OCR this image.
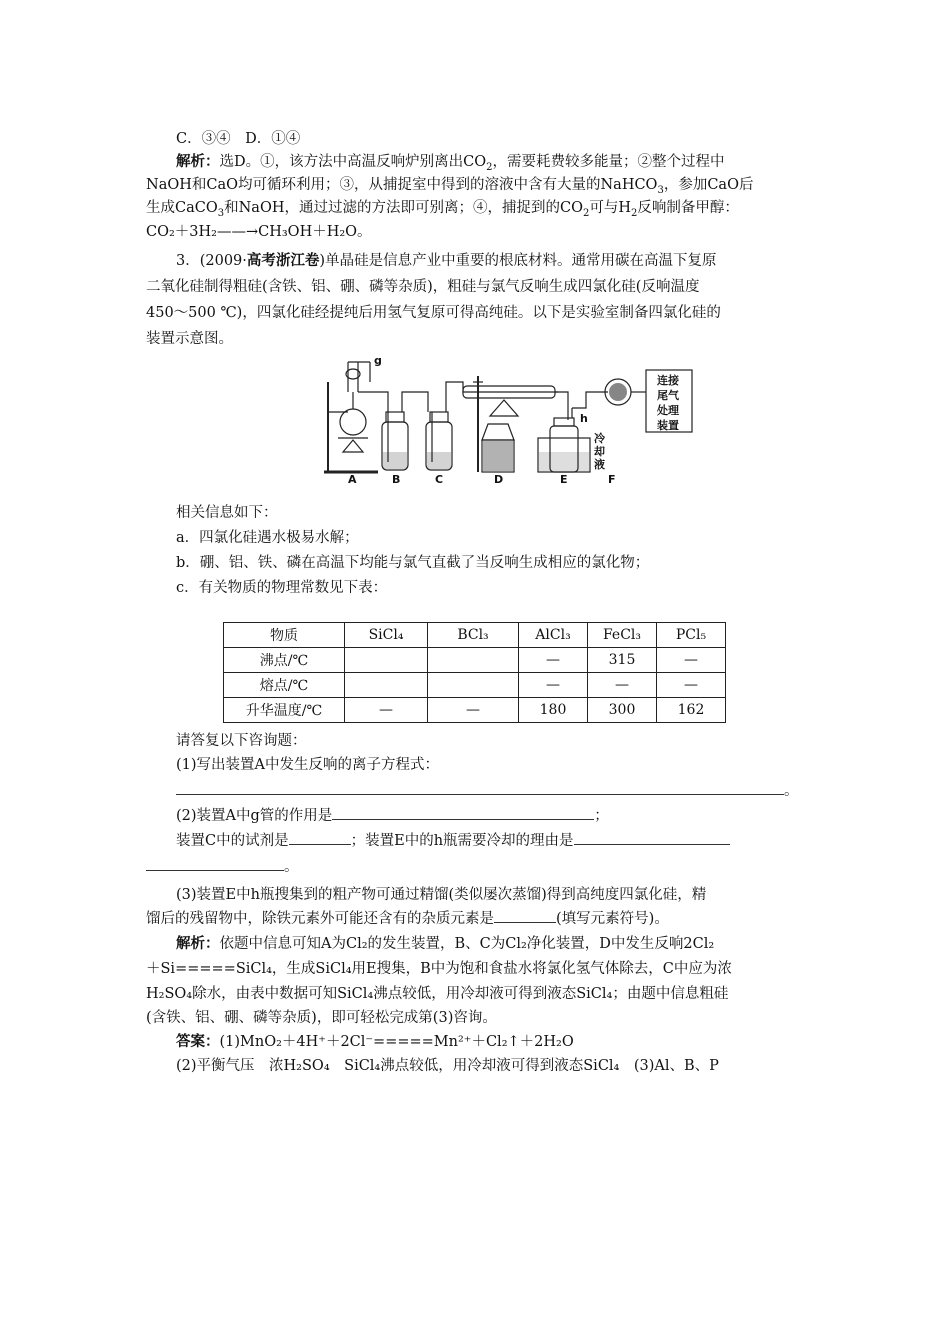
C．③④　D．①④
解析：选D。①，该方法中高温反响炉别离出$CO_2$，需要耗费较多能量；②整个过程中
NaOH和CaO均可循环利用；③，从捕捉室中得到的溶液中含有大量的NaHCO$_3$，参加CaO后
生成CaCO$_3$和NaOH，通过过滤的方法即可别离；④，捕捉到的$CO_2$可与$H_2$反响制备甲醇：
CO₂＋3H₂——→CH₃OH＋H₂O。
3．(2009·高考浙江卷)单晶硅是信息产业中重要的根底材料。通常用碳在高温下复原
二氧化硅制得粗硅(含铁、铝、硼、磷等杂质)，粗硅与氯气反响生成四氯化硅(反响温度
450～500 ℃)，四氯化硅经提纯后用氢气复原可得高纯硅。以下是实验室制备四氯化硅的
装置示意图。
A	B	C	D	E	F
g
h
冷
却
液
连接
尾气
处理
装置
相关信息如下：
a．四氯化硅遇水极易水解；
b．硼、铝、铁、磷在高温下均能与氯气直截了当反响生成相应的氯化物；
c．有关物质的物理常数见下表：
物质	SiCl₄	BCl₃	AlCl₃	FeCl₃	PCl₅
沸点/℃			—	315	—
熔点/℃			—	—	—
升华温度/℃	—	—	180	300	162
请答复以下咨询题：
(1)写出装置A中发生反响的离子方程式：
。
(2)装置A中g管的作用是	；
装置C中的试剂是	；装置E中的h瓶需要冷却的理由是
。
(3)装置E中h瓶搜集到的粗产物可通过精馏(类似屡次蒸馏)得到高纯度四氯化硅，精
馏后的残留物中，除铁元素外可能还含有的杂质元素是	(填写元素符号)。
解析：依题中信息可知A为Cl₂的发生装置，B、C为Cl₂净化装置，D中发生反响2Cl₂
＋Si=====SiCl₄，生成SiCl₄用E搜集，B中为饱和食盐水将氯化氢气体除去，C中应为浓
H₂SO₄除水，由表中数据可知SiCl₄沸点较低，用冷却液可得到液态SiCl₄；由题中信息粗硅
(含铁、铝、硼、磷等杂质)，即可轻松完成第(3)咨询。
答案：(1)MnO₂＋4H⁺＋2Cl⁻=====Mn²⁺＋Cl₂↑＋2H₂O
(2)平衡气压　浓H₂SO₄　SiCl₄沸点较低，用冷却液可得到液态SiCl₄　(3)Al、B、P
